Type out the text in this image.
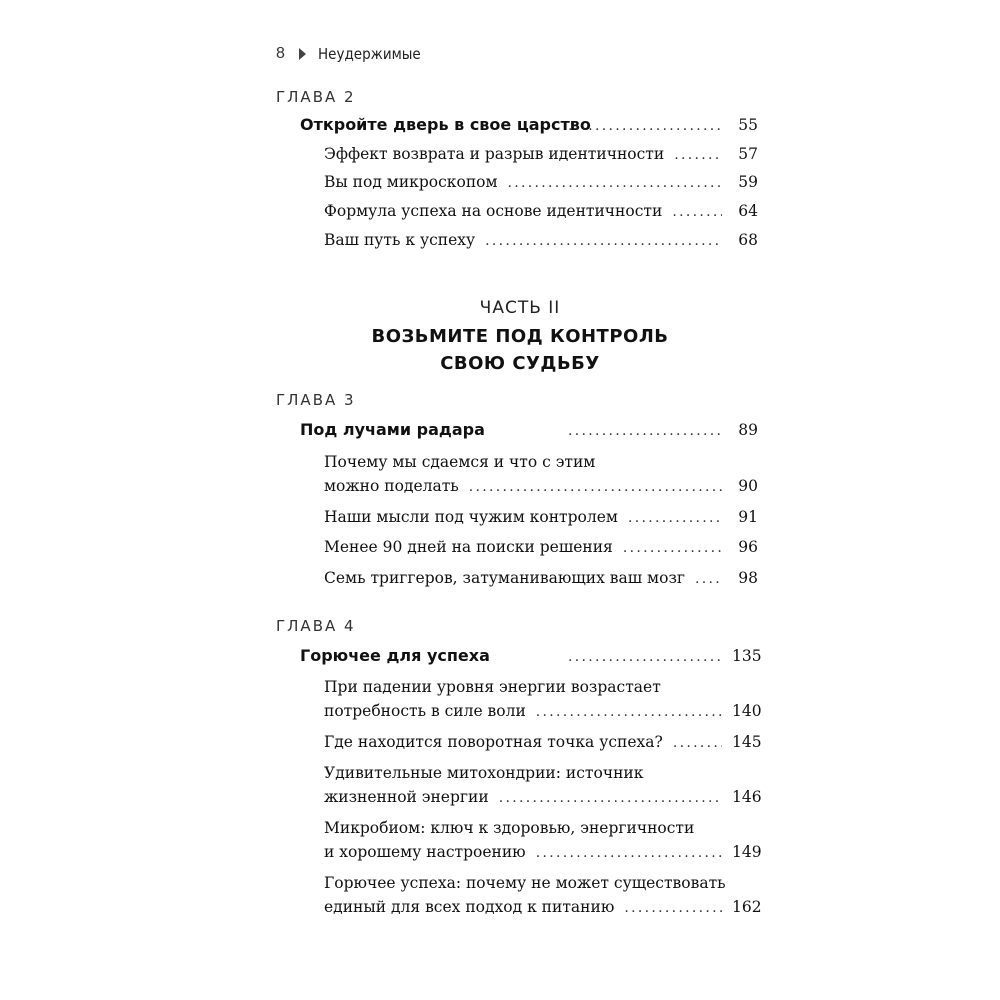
8 Неудержимые
ГЛАВА 2
Откройте дверь в свое царство .....	55
Эффект возврата и разрыв идентичности .....	57
Вы под микроскопом .....	59
Формула успеха на основе идентичности .....	64
Ваш путь к успеху .....	68
ЧАСТЬ II
ВОЗЬМИТЕ ПОД КОНТРОЛЬ
СВОЮ СУДЬБУ
ГЛАВА 3
Под лучами радара .....	89
Почему мы сдаемся и что с этим
можно поделать .....	90
Наши мысли под чужим контролем .....	91
Менее 90 дней на поиски решения .....	96
Семь триггеров, затуманивающих ваш мозг .....	98
ГЛАВА 4
Горючее для успеха .....	135
При падении уровня энергии возрастает
потребность в силе воли .....	140
Где находится поворотная точка успеха? .....	145
Удивительные митохондрии: источник
жизненной энергии .....	146
Микробиом: ключ к здоровью, энергичности
и хорошему настроению .....	149
Горючее успеха: почему не может существовать
единый для всех подход к питанию .....	162
